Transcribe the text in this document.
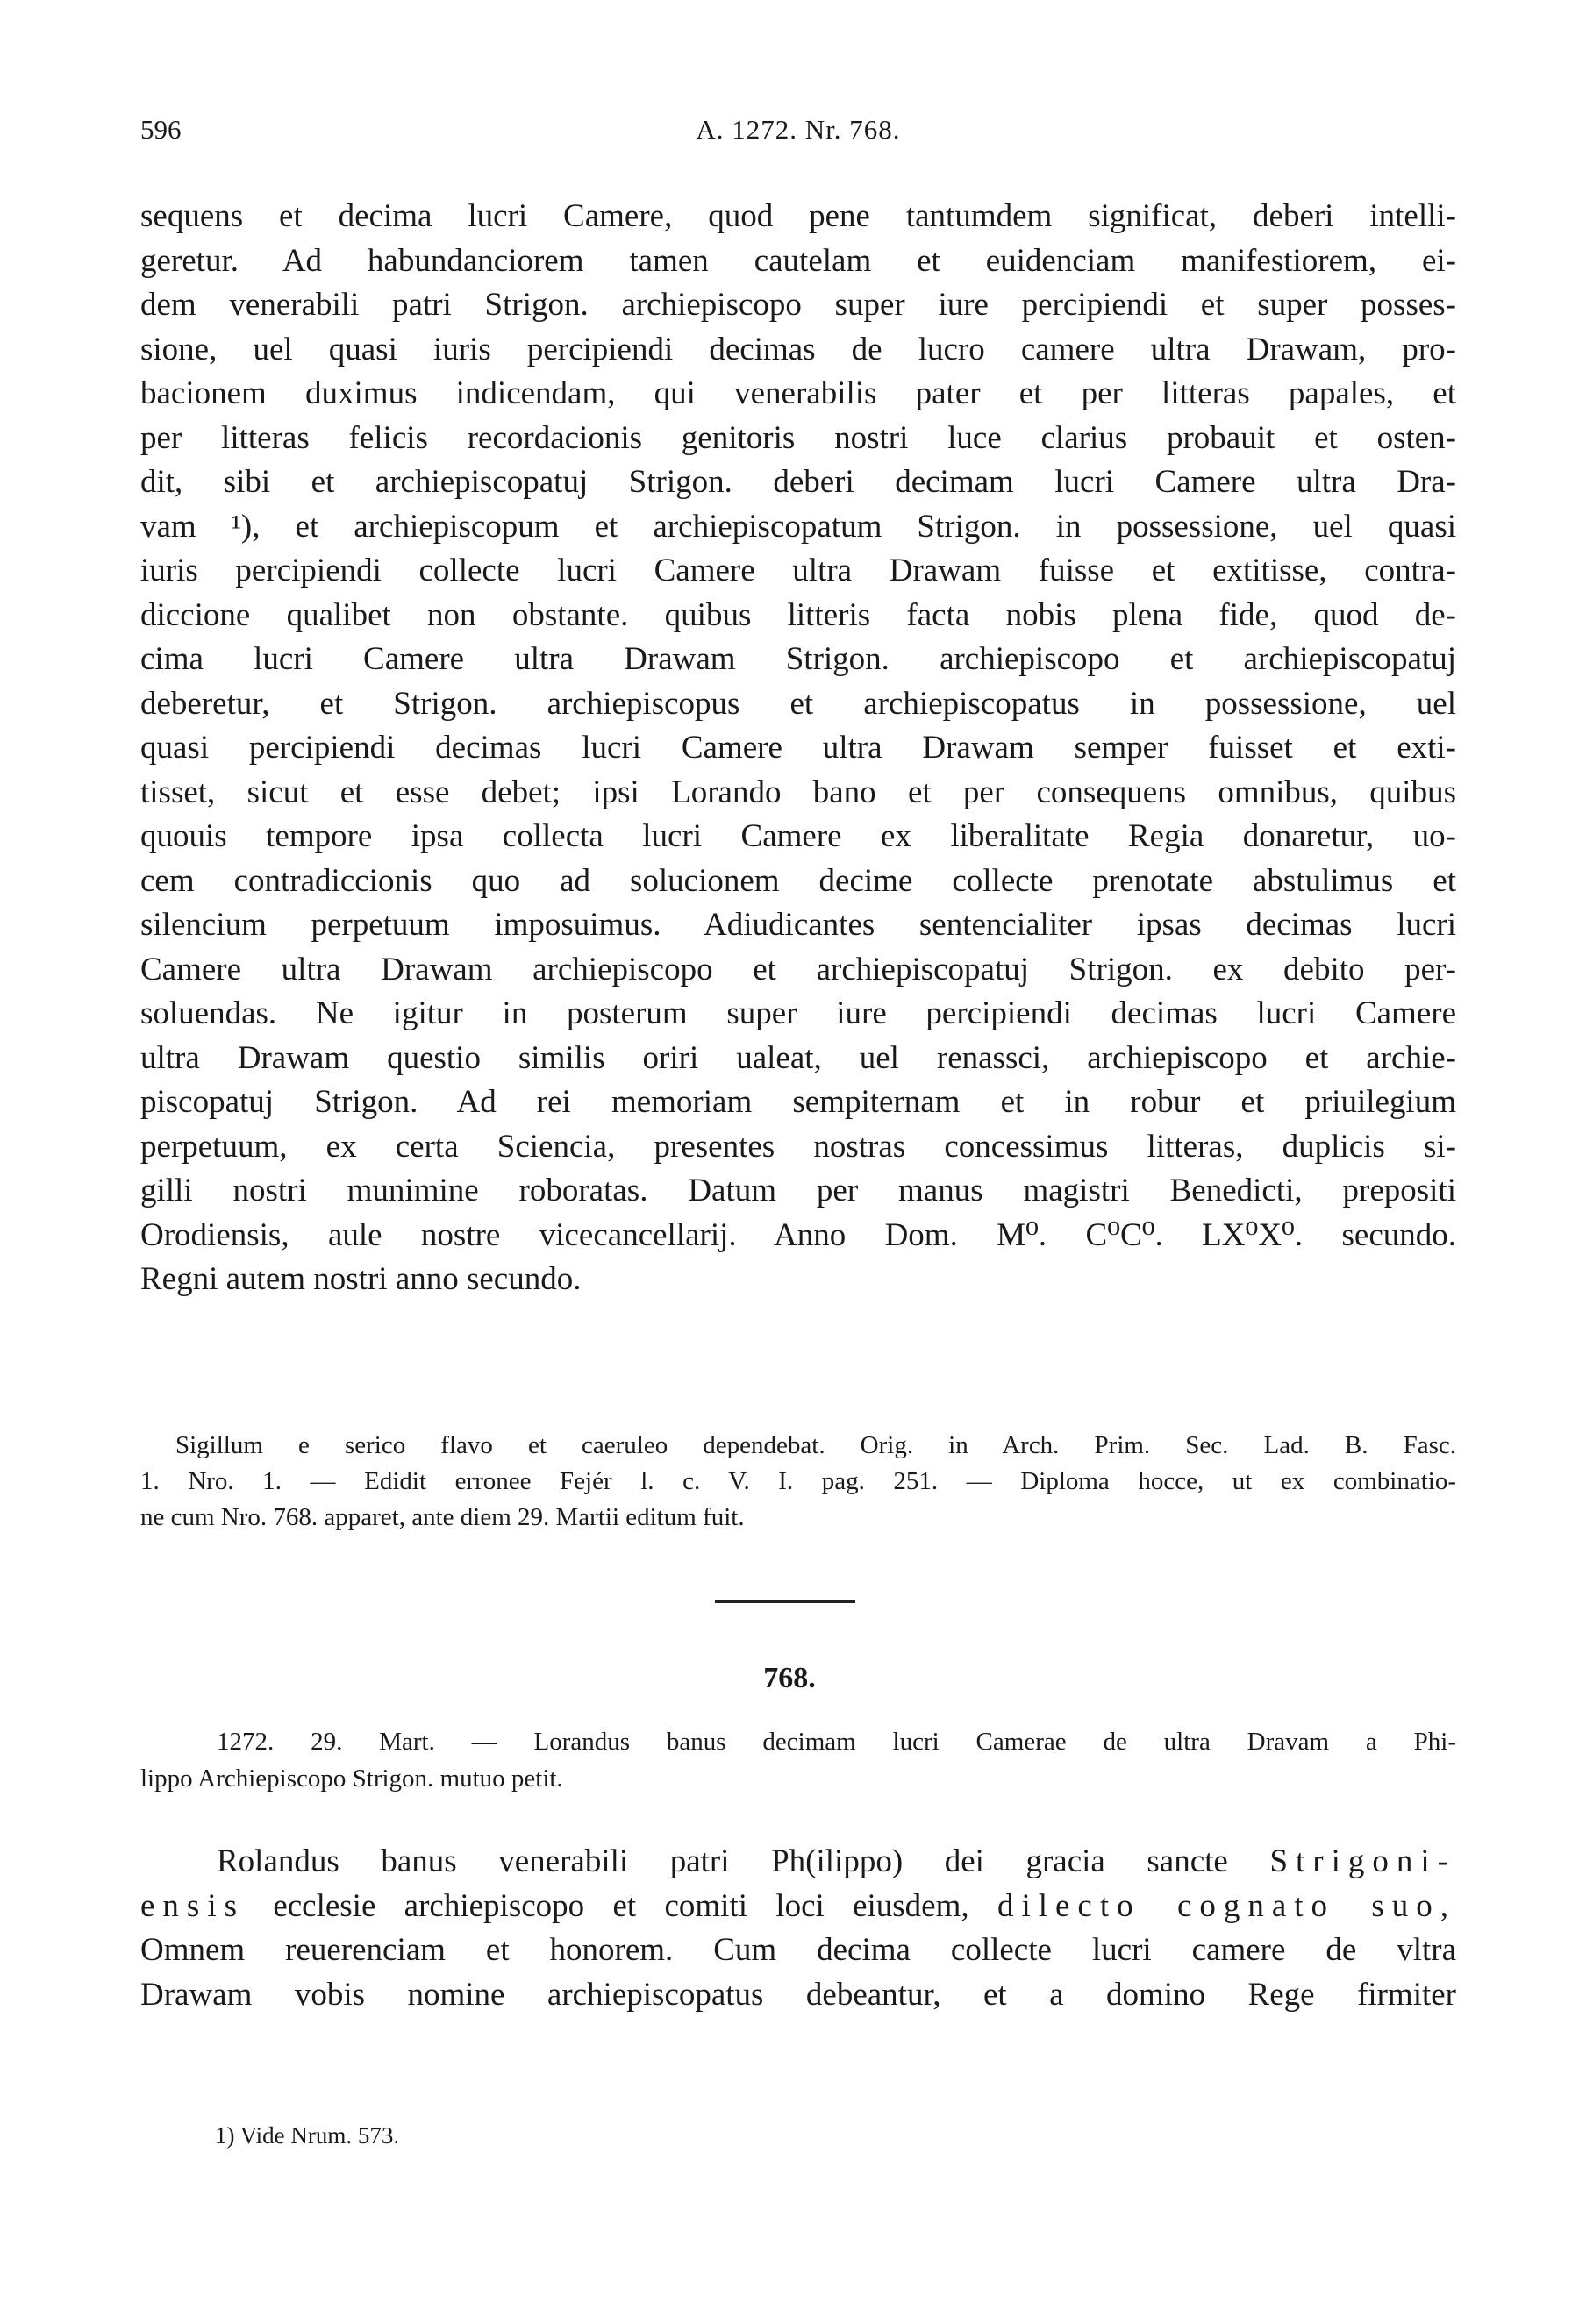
596	A. 1272. Nr. 768.
sequens et decima lucri Camere, quod pene tantumdem significat, deberi intelli-
geretur. Ad habundanciorem tamen cautelam et euidenciam manifestiorem, ei-
dem venerabili patri Strigon. archiepiscopo super iure percipiendi et super posses-
sione, uel quasi iuris percipiendi decimas de lucro camere ultra Drawam, pro-
bacionem duximus indicendam, qui venerabilis pater et per litteras papales, et
per litteras felicis recordacionis genitoris nostri luce clarius probauit et osten-
dit, sibi et archiepiscopatuj Strigon. deberi decimam lucri Camere ultra Dra-
vam ¹), et archiepiscopum et archiepiscopatum Strigon. in possessione, uel quasi
iuris percipiendi collecte lucri Camere ultra Drawam fuisse et extitisse, contra-
diccione qualibet non obstante. quibus litteris facta nobis plena fide, quod de-
cima lucri Camere ultra Drawam Strigon. archiepiscopo et archiepiscopatuj
deberetur, et Strigon. archiepiscopus et archiepiscopatus in possessione, uel
quasi percipiendi decimas lucri Camere ultra Drawam semper fuisset et exti-
tisset, sicut et esse debet; ipsi Lorando bano et per consequens omnibus, quibus
quouis tempore ipsa collecta lucri Camere ex liberalitate Regia donaretur, uo-
cem contradiccionis quo ad solucionem decime collecte prenotate abstulimus et
silencium perpetuum imposuimus. Adiudicantes sentencialiter ipsas decimas lucri
Camere ultra Drawam archiepiscopo et archiepiscopatuj Strigon. ex debito per-
soluendas. Ne igitur in posterum super iure percipiendi decimas lucri Camere
ultra Drawam questio similis oriri ualeat, uel renassci, archiepiscopo et archie-
piscopatuj Strigon. Ad rei memoriam sempiternam et in robur et priuilegium
perpetuum, ex certa Sciencia, presentes nostras concessimus litteras, duplicis si-
gilli nostri munimine roboratas. Datum per manus magistri Benedicti, prepositi
Orodiensis, aule nostre vicecancellarij. Anno Dom. M⁰. C⁰C⁰. LX⁰X⁰. secundo.
Regni autem nostri anno secundo.
Sigillum e serico flavo et caeruleo dependebat. Orig. in Arch. Prim. Sec. Lad. B. Fasc.
1. Nro. 1. — Edidit erronee Fejér l. c. V. I. pag. 251. — Diploma hocce, ut ex combinatio-
ne cum Nro. 768. apparet, ante diem 29. Martii editum fuit.
768.
1272. 29. Mart. — Lorandus banus decimam lucri Camerae de ultra Dravam a Phi-
lippo Archiepiscopo Strigon. mutuo petit.
Rolandus banus venerabili patri Ph(ilippo) dei gracia sancte Strigoni-
ensis ecclesie archiepiscopo et comiti loci eiusdem, dilecto cognato suo,
Omnem reuerenciam et honorem. Cum decima collecte lucri camere de vltra
Drawam vobis nomine archiepiscopatus debeantur, et a domino Rege firmiter
1) Vide Nrum. 573.
